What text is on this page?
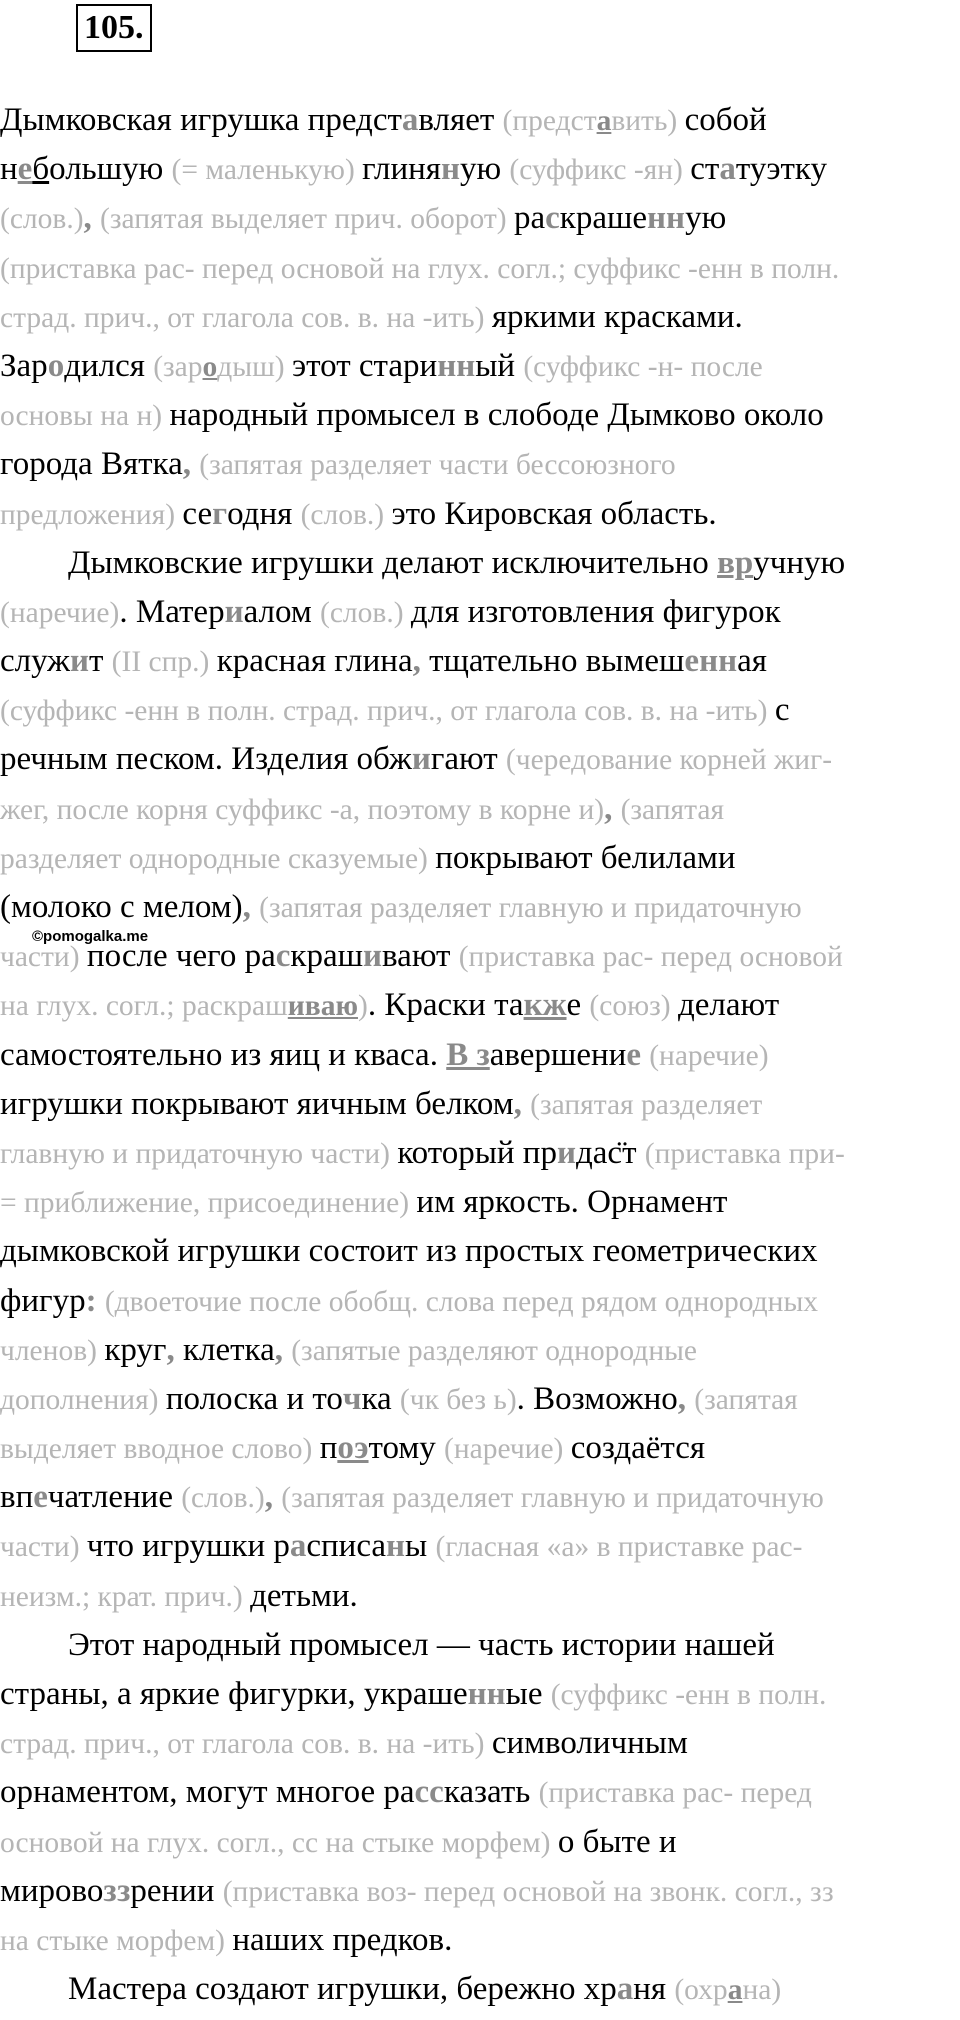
105.
Дымковская игрушка представляет (представить) собой
небольшую (= маленькую) глиняную (суффикс -ян) статуэтку
(слов.), (запятая выделяет прич. оборот) раскрашенную
(приставка рас- перед основой на глух. согл.; суффикс -енн в полн.
страд. прич., от глагола сов. в. на -ить) яркими красками.
Зародился (зародыш) этот старинный (суффикс -н- после
основы на н) народный промысел в слободе Дымково около
города Вятка, (запятая разделяет части бессоюзного
предложения) сегодня (слов.) это Кировская область.
Дымковские игрушки делают исключительно вручную
(наречие). Материалом (слов.) для изготовления фигурок
служит (II спр.) красная глина, тщательно вымешенная
(суффикс -енн в полн. страд. прич., от глагола сов. в. на -ить) с
речным песком. Изделия обжигают (чередование корней жиг-
жег, после корня суффикс -а, поэтому в корне и), (запятая
разделяет однородные сказуемые) покрывают белилами
(молоко с мелом), (запятая разделяет главную и придаточную
части) после чего раскрашивают (приставка рас- перед основой
на глух. согл.; раскрашиваю). Краски также (союз) делают
самостоятельно из яиц и кваса. В завершение (наречие)
игрушки покрывают яичным белком, (запятая разделяет
главную и придаточную части) который придас̈т (приставка при-
= приближение, присоединение) им яркость. Орнамент
дымковской игрушки состоит из простых геометрических
фигур: (двоеточие после обобщ. слова перед рядом однородных
членов) круг, клетка, (запятые разделяют однородные
дополнения) полоска и точка (чк без ь). Возможно, (запятая
выделяет вводное слово) поэтому (наречие) создаётся
впечатление (слов.), (запятая разделяет главную и придаточную
части) что игрушки расписаны (гласная «а» в приставке рас-
неизм.; крат. прич.) детьми.
Этот народный промысел — часть истории нашей
страны, а яркие фигурки, украшенные (суффикс -енн в полн.
страд. прич., от глагола сов. в. на -ить) символичным
орнаментом, могут многое рассказать (приставка рас- перед
основой на глух. согл., сс на стыке морфем) о быте и
мировоззрении (приставка воз- перед основой на звонк. согл., зз
на стыке морфем) наших предков.
Мастера создают игрушки, бережно храня (охрана)
©pomogalka.me
